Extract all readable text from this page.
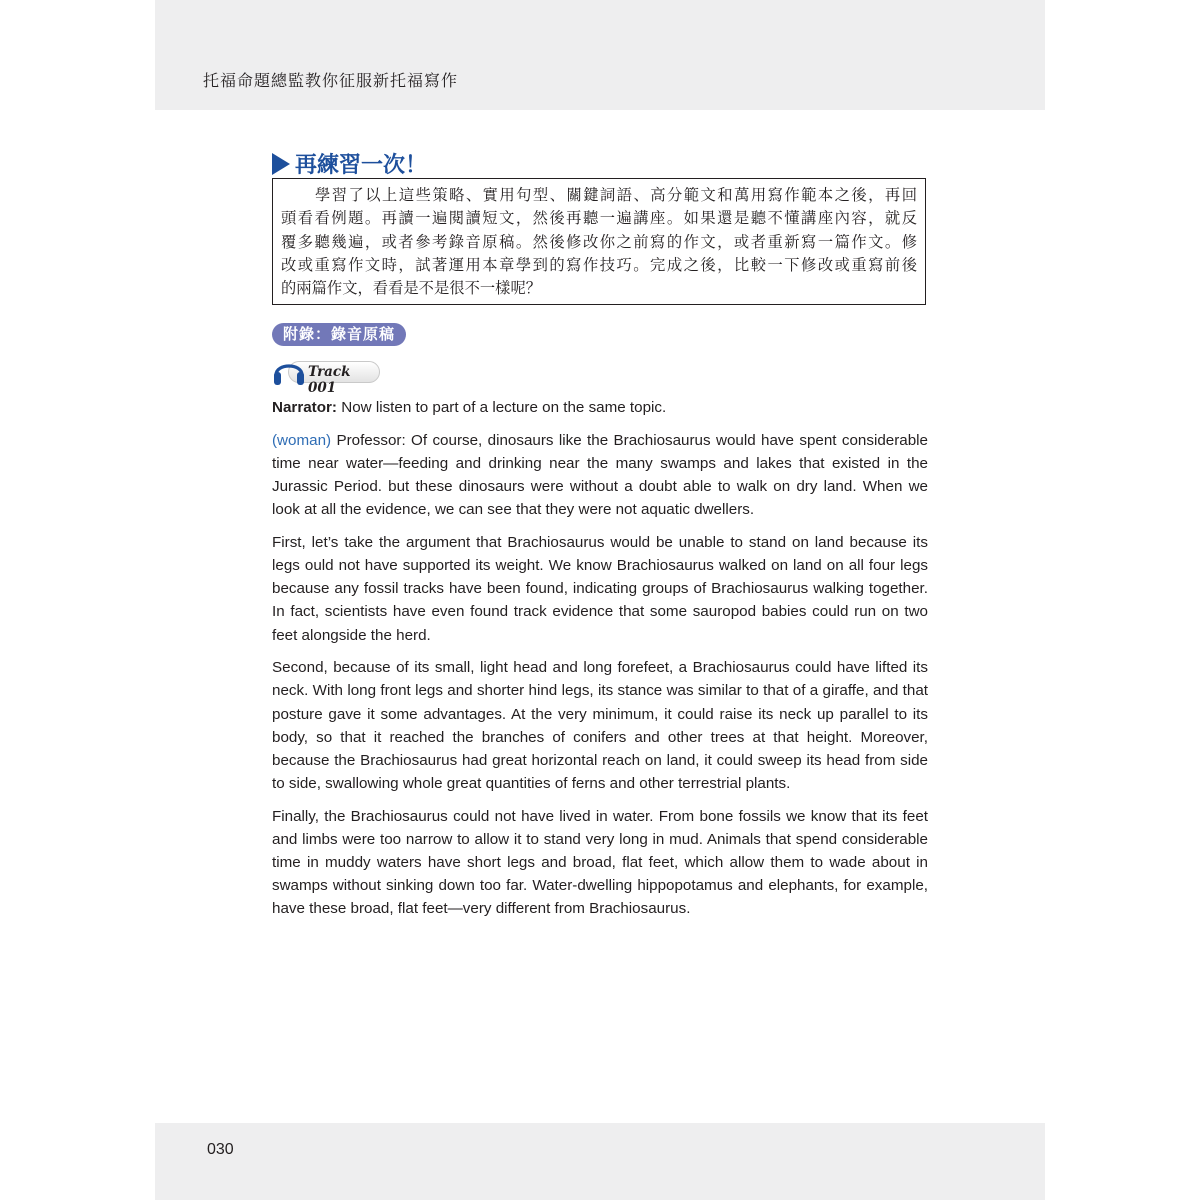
托福命題總監教你征服新托福寫作
再練習一次！
學習了以上這些策略、實用句型、關鍵詞語、高分範文和萬用寫作範本之後，再回
頭看看例題。再讀一遍閱讀短文，然後再聽一遍講座。如果還是聽不懂講座內容，就反
覆多聽幾遍，或者參考錄音原稿。然後修改你之前寫的作文，或者重新寫一篇作文。修
改或重寫作文時，試著運用本章學到的寫作技巧。完成之後，比較一下修改或重寫前後
的兩篇作文，看看是不是很不一樣呢？
附錄：錄音原稿
Track 001

Narrator: Now listen to part of a lecture on the same topic.

(woman) Professor: Of course, dinosaurs like the Brachiosaurus would have spent considerable time near water—feeding and drinking near the many swamps and lakes that existed in the Jurassic Period. but these dinosaurs were without a doubt able to walk on dry land. When we look at all the evidence, we can see that they were not aquatic dwellers.

First, let’s take the argument that Brachiosaurus would be unable to stand on land because its legs ould not have supported its weight. We know Brachiosaurus walked on land on all four legs because any fossil tracks have been found, indicating groups of Brachiosaurus walking together. In fact, scientists have even found track evidence that some sauropod babies could run on two feet alongside the herd.

Second, because of its small, light head and long forefeet, a Brachiosaurus could have lifted its neck. With long front legs and shorter hind legs, its stance was similar to that of a giraffe, and that posture gave it some advantages. At the very minimum, it could raise its neck up parallel to its body, so that it reached the branches of conifers and other trees at that height. Moreover, because the Brachiosaurus had great horizontal reach on land, it could sweep its head from side to side, swallowing whole great quantities of ferns and other terrestrial plants.

Finally, the Brachiosaurus could not have lived in water. From bone fossils we know that its feet and limbs were too narrow to allow it to stand very long in mud. Animals that spend considerable time in muddy waters have short legs and broad, flat feet, which allow them to wade about in swamps without sinking down too far. Water-dwelling hippopotamus and elephants, for example, have these broad, flat feet—very different from Brachiosaurus.

030
